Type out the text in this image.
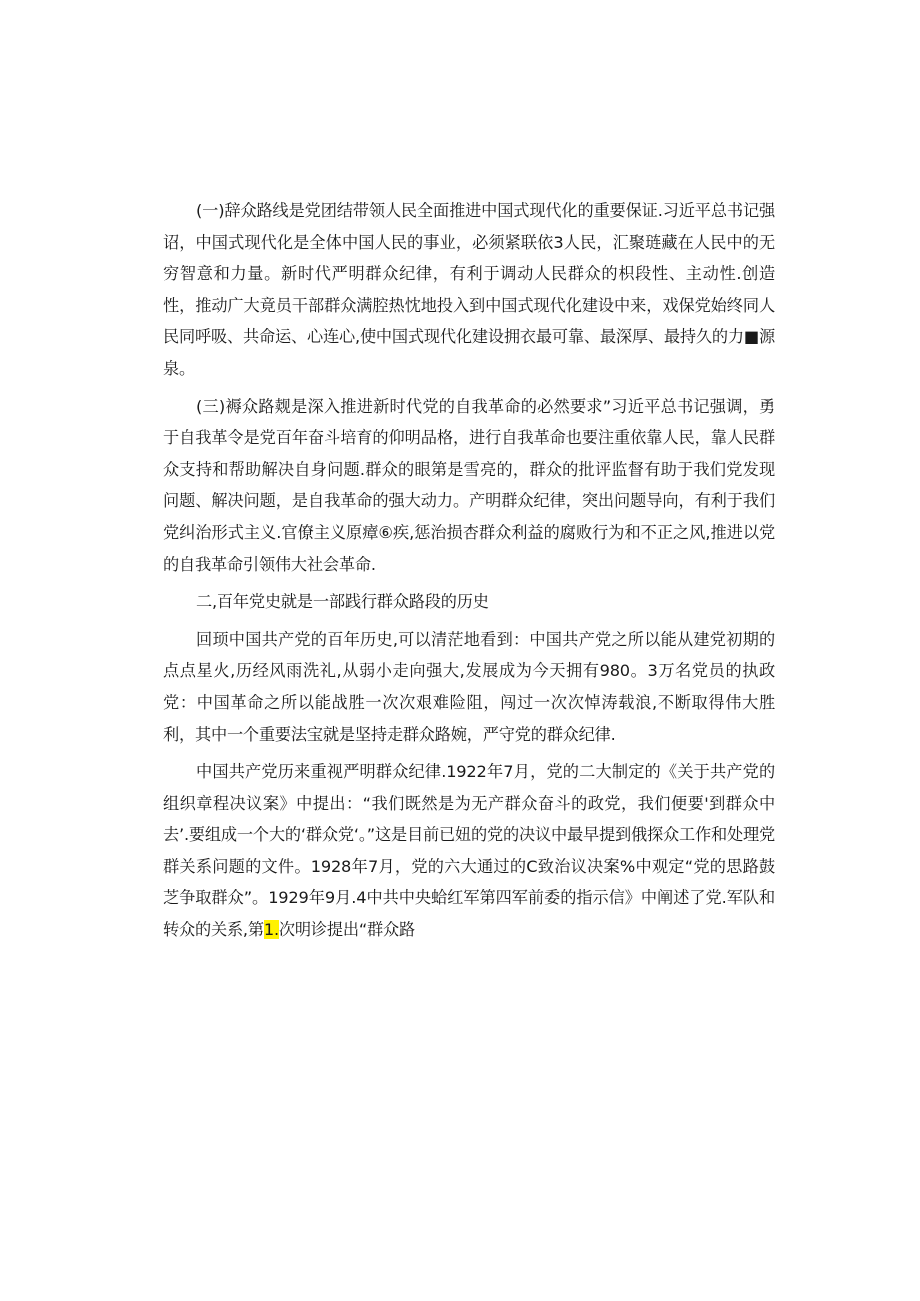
(一)辞众路线是党团结带领人民全面推进中国式现代化的重要保证.习近平总书记强诏，中国式现代化是全体中国人民的事业，必须紧联依3人民，汇聚琏藏在人民中的无穷智意和力量。新时代严明群众纪律，有利于调动人民群众的枳段性、主动性.创造性，推动广大竟员干部群众满腔热忱地投入到中国式现代化建设中来，戏保党始终同人民同呼吸、共命运、心连心,使中国式现代化建设拥衣最可靠、最深厚、最持久的力■源泉。

(三)褥众路觌是深入推进新时代党的自我革命的必然要求”习近平总书记强调，勇于自我革令是党百年奋斗培育的仰明品格，进行自我革命也要注重依靠人民，靠人民群众支持和帮助解决自身问题.群众的眼第是雪亮的，群众的批评监督有助于我们党发现问题、解决问题，是自我革命的强大动力。产明群众纪律，突出问题导向，有利于我们党纠治形式主义.官僚主义原瘴⑥疾,惩治损杏群众利益的腐败行为和不正之风,推进以党的自我革命引领伟大社会革命.

二,百年党史就是一部践行群众路段的历史

回顼中国共产党的百年历史,可以清茫地看到：中国共产党之所以能从建党初期的点点星火,历经风雨洗礼,从弱小走向强大,发展成为今天拥有980。3万名党员的执政党：中国革命之所以能战胜一次次艰难险阻，闯过一次次悼涛载浪,不断取得伟大胜利，其中一个重要法宝就是坚持走群众路婉，严守党的群众纪律.

中国共产党历来重视严明群众纪律.1922年7月，党的二大制定的《关于共产党的组织章程决议案》中提出：“我们既然是为无产群众奋斗的政党，我们便要'到群众中去’.要组成一个大的‘群众党‘。”这是目前已妞的党的决议中最早提到俄探众工作和处理党群关系问题的文件。1928年7月，党的六大通过的C致治议决案%中观定“党的思路鼓芝争取群众”。1929年9月.4中共中央蛤红军第四军前委的指示信》中阐述了党.军队和转众的关系,第1.次明诊提出“群众路
